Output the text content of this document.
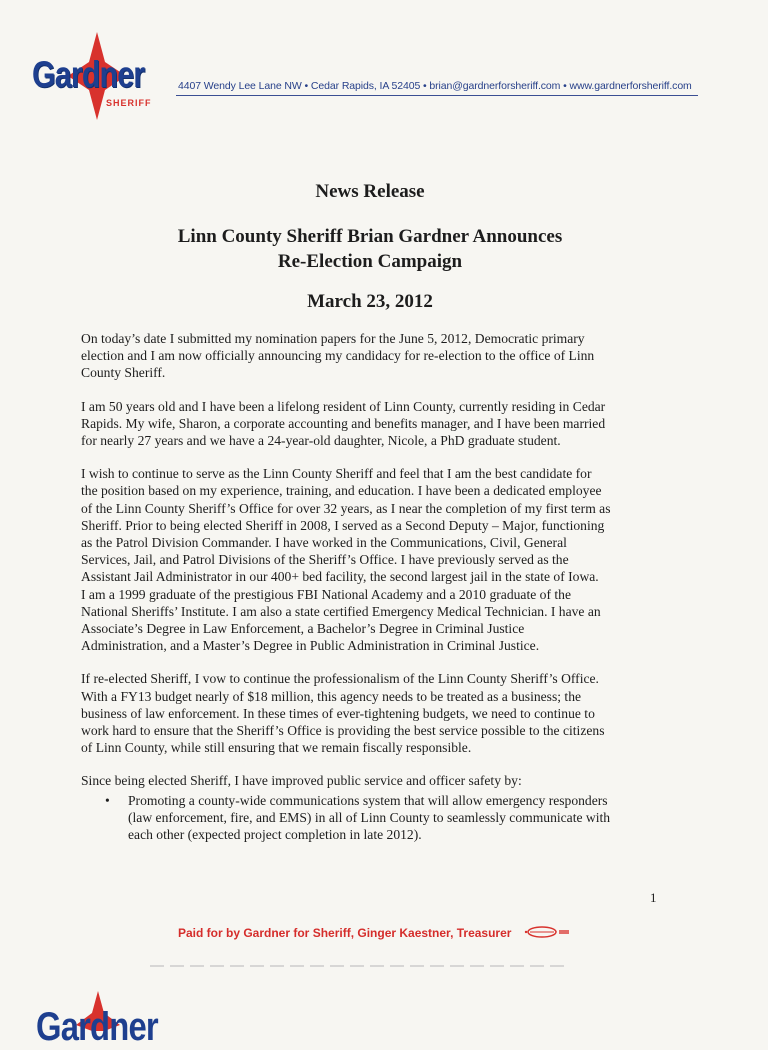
Gardner
SHERIFF
4407 Wendy Lee Lane NW • Cedar Rapids, IA 52405 • brian@gardnerforsheriff.com • www.gardnerforsheriff.com
News Release
Linn County Sheriff Brian Gardner Announces
Re-Election Campaign
March 23, 2012

On today’s date I submitted my nomination papers for the June 5, 2012, Democratic primary
election and I am now officially announcing my candidacy for re-election to the office of Linn
County Sheriff.

I am 50 years old and I have been a lifelong resident of Linn County, currently residing in Cedar
Rapids. My wife, Sharon, a corporate accounting and benefits manager, and I have been married
for nearly 27 years and we have a 24-year-old daughter, Nicole, a PhD graduate student.

I wish to continue to serve as the Linn County Sheriff and feel that I am the best candidate for
the position based on my experience, training, and education. I have been a dedicated employee
of the Linn County Sheriff’s Office for over 32 years, as I near the completion of my first term as
Sheriff. Prior to being elected Sheriff in 2008, I served as a Second Deputy – Major, functioning
as the Patrol Division Commander. I have worked in the Communications, Civil, General
Services, Jail, and Patrol Divisions of the Sheriff’s Office. I have previously served as the
Assistant Jail Administrator in our 400+ bed facility, the second largest jail in the state of Iowa.
I am a 1999 graduate of the prestigious FBI National Academy and a 2010 graduate of the
National Sheriffs’ Institute. I am also a state certified Emergency Medical Technician. I have an
Associate’s Degree in Law Enforcement, a Bachelor’s Degree in Criminal Justice
Administration, and a Master’s Degree in Public Administration in Criminal Justice.

If re-elected Sheriff, I vow to continue the professionalism of the Linn County Sheriff’s Office.
With a FY13 budget nearly of $18 million, this agency needs to be treated as a business; the
business of law enforcement. In these times of ever-tightening budgets, we need to continue to
work hard to ensure that the Sheriff’s Office is providing the best service possible to the citizens
of Linn County, while still ensuring that we remain fiscally responsible.

Since being elected Sheriff, I have improved public service and officer safety by:

• Promoting a county-wide communications system that will allow emergency responders
(law enforcement, fire, and EMS) in all of Linn County to seamlessly communicate with
each other (expected project completion in late 2012).
1
Paid for by Gardner for Sheriff, Ginger Kaestner, Treasurer
Gardner
